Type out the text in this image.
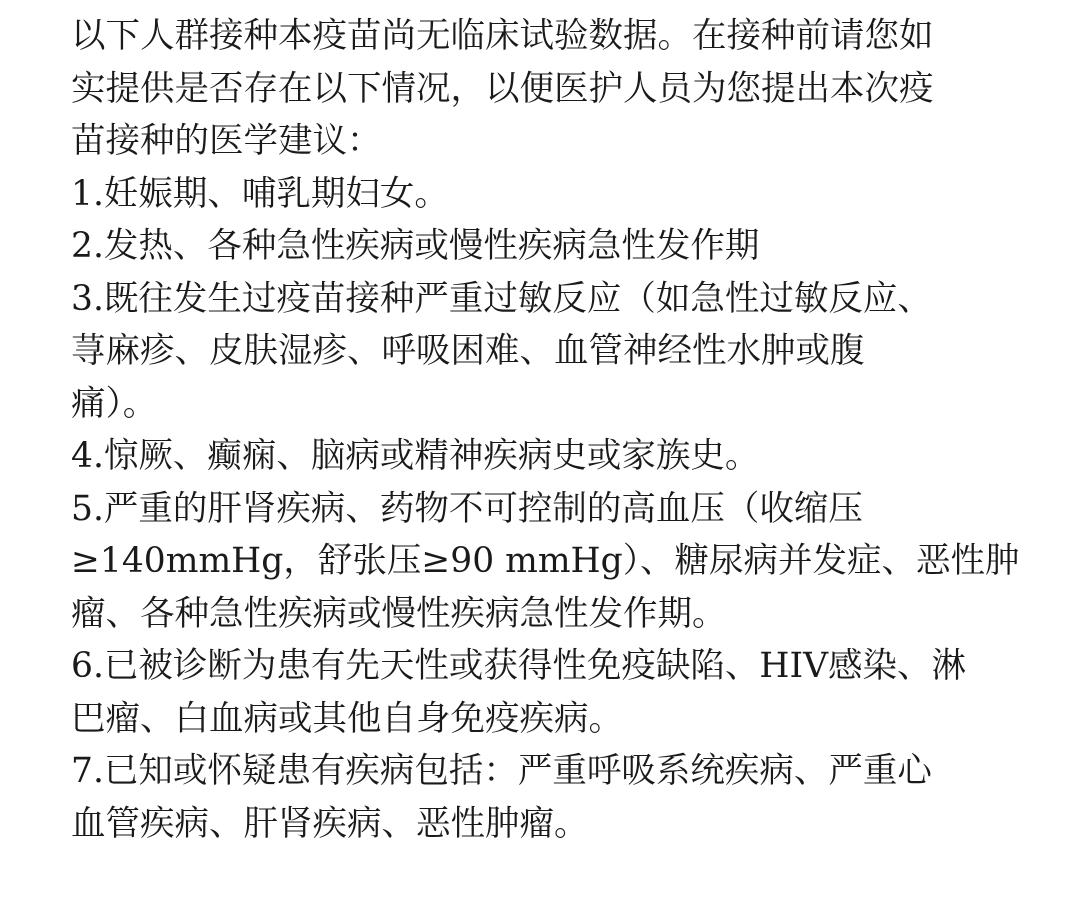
以下人群接种本疫苗尚无临床试验数据。在接种前请您如
实提供是否存在以下情况，以便医护人员为您提出本次疫
苗接种的医学建议：
1.妊娠期、哺乳期妇女。
2.发热、各种急性疾病或慢性疾病急性发作期
3.既往发生过疫苗接种严重过敏反应（如急性过敏反应、
荨麻疹、皮肤湿疹、呼吸困难、血管神经性水肿或腹
痛）。
4.惊厥、癫痫、脑病或精神疾病史或家族史。
5.严重的肝肾疾病、药物不可控制的高血压（收缩压
≥140mmHg，舒张压≥90 mmHg）、糖尿病并发症、恶性肿
瘤、各种急性疾病或慢性疾病急性发作期。
6.已被诊断为患有先天性或获得性免疫缺陷、HIV感染、淋
巴瘤、白血病或其他自身免疫疾病。
7.已知或怀疑患有疾病包括：严重呼吸系统疾病、严重心
血管疾病、肝肾疾病、恶性肿瘤。
